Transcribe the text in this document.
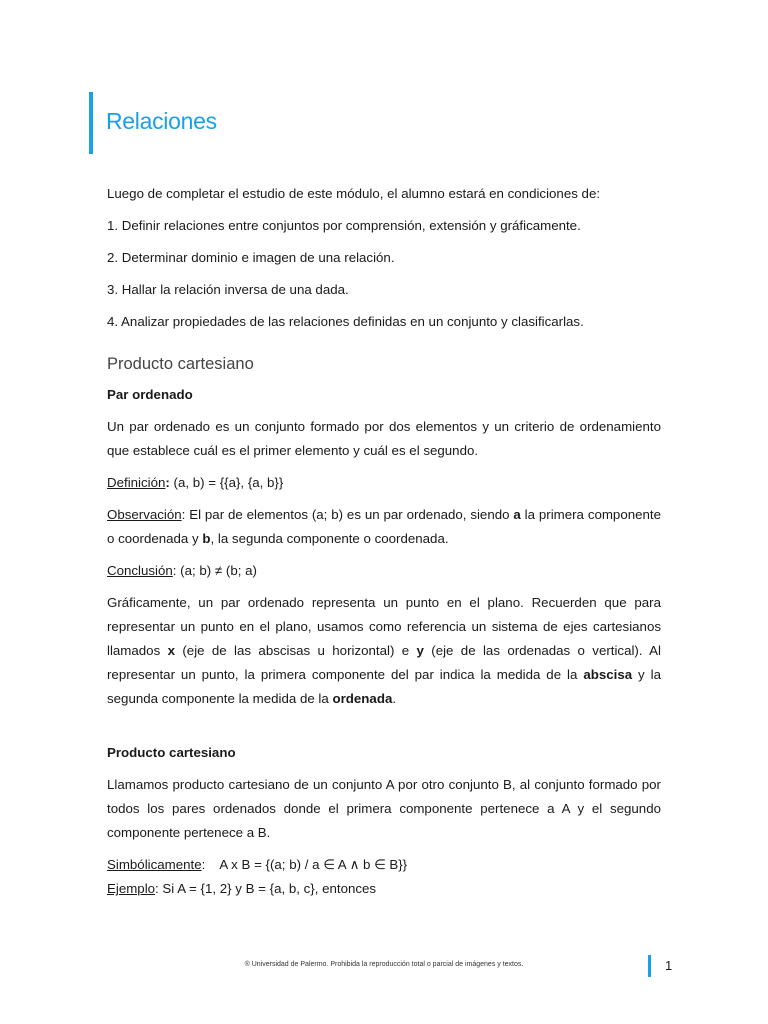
Relaciones

Luego de completar el estudio de este módulo, el alumno estará en condiciones de:

1. Definir relaciones entre conjuntos por comprensión, extensión y gráficamente.

2. Determinar dominio e imagen de una relación.

3. Hallar la relación inversa de una dada.

4. Analizar propiedades de las relaciones definidas en un conjunto y clasificarlas.

Producto cartesiano

Par ordenado

Un par ordenado es un conjunto formado por dos elementos y un criterio de ordenamiento que establece cuál es el primer elemento y cuál es el segundo.

Definición: (a, b) = {{a}, {a, b}}

Observación: El par de elementos (a; b) es un par ordenado, siendo a la primera componente o coordenada y b, la segunda componente o coordenada.

Conclusión: (a; b) ≠ (b; a)

Gráficamente, un par ordenado representa un punto en el plano. Recuerden que para representar un punto en el plano, usamos como referencia un sistema de ejes cartesianos llamados x (eje de las abscisas u horizontal) e y (eje de las ordenadas o vertical). Al representar un punto, la primera componente del par indica la medida de la abscisa y la segunda componente la medida de la ordenada.

Producto cartesiano

Llamamos producto cartesiano de un conjunto A por otro conjunto B, al conjunto formado por todos los pares ordenados donde el primera componente pertenece a A y el segundo componente pertenece a B.

Simbólicamente:    A x B = {(a; b) / a ∈ A ∧ b ∈ B}}

Ejemplo: Si A = {1, 2} y B = {a, b, c}, entonces

® Universidad de Palermo. Prohibida la reproducción total o parcial de imágenes y textos.	1
